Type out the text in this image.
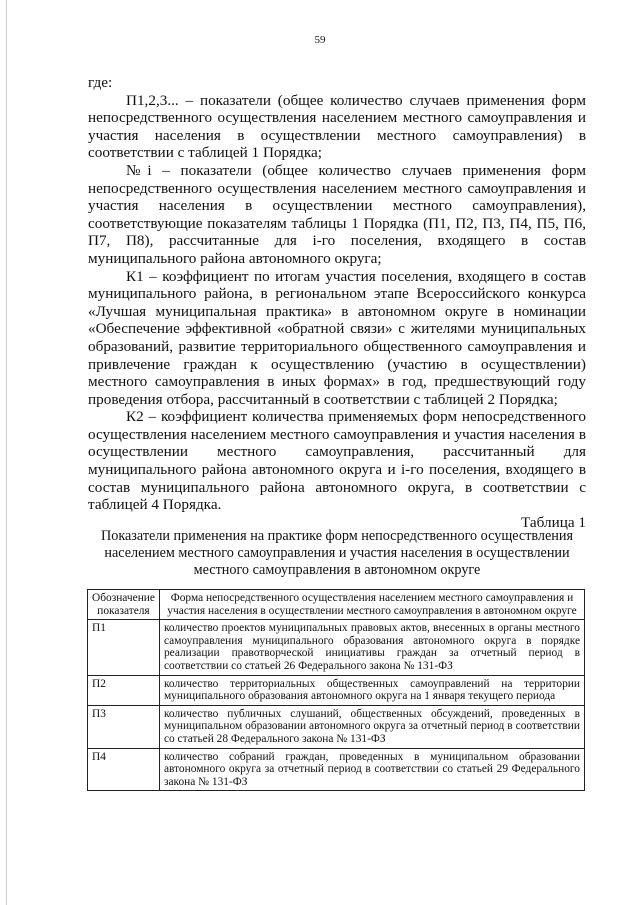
59

где:

П1,2,3... – показатели (общее количество случаев применения форм непосредственного осуществления населением местного самоуправления и участия населения в осуществлении местного самоуправления) в соответствии с таблицей 1 Порядка;

№i – показатели (общее количество случаев применения форм непосредственного осуществления населением местного самоуправления и участия населения в осуществлении местного самоуправления), соответствующие показателям таблицы 1 Порядка (П1, П2, П3, П4, П5, П6, П7, П8), рассчитанные для i-го поселения, входящего в состав муниципального района автономного округа;

К1 – коэффициент по итогам участия поселения, входящего в состав муниципального района, в региональном этапе Всероссийского конкурса «Лучшая муниципальная практика» в автономном округе в номинации «Обеспечение эффективной «обратной связи» с жителями муниципальных образований, развитие территориального общественного самоуправления и привлечение граждан к осуществлению (участию в осуществлении) местного самоуправления в иных формах» в год, предшествующий году проведения отбора, рассчитанный в соответствии с таблицей 2 Порядка;

К2 – коэффициент количества применяемых форм непосредственного осуществления населением местного самоуправления и участия населения в осуществлении местного самоуправления, рассчитанный для муниципального района автономного округа и i-го поселения, входящего в состав муниципального района автономного округа, в соответствии с таблицей 4 Порядка.

Таблица 1

Показатели применения на практике форм непосредственного осуществления населением местного самоуправления и участия населения в осуществлении местного самоуправления в автономном округе
Обозначение показателя	Форма непосредственного осуществления населением местного самоуправления и участия населения в осуществлении местного самоуправления в автономном округе
П1	количество проектов муниципальных правовых актов, внесенных в органы местного самоуправления муниципального образования автономного округа в порядке реализации правотворческой инициативы граждан за отчетный период в соответствии со статьей 26 Федерального закона № 131-ФЗ
П2	количество территориальных общественных самоуправлений на территории муниципального образования автономного округа на 1 января текущего периода
П3	количество публичных слушаний, общественных обсуждений, проведенных в муниципальном образовании автономного округа за отчетный период в соответствии со статьей 28 Федерального закона № 131-ФЗ
П4	количество собраний граждан, проведенных в муниципальном образовании автономного округа за отчетный период в соответствии со статьей 29 Федерального закона № 131-ФЗ
